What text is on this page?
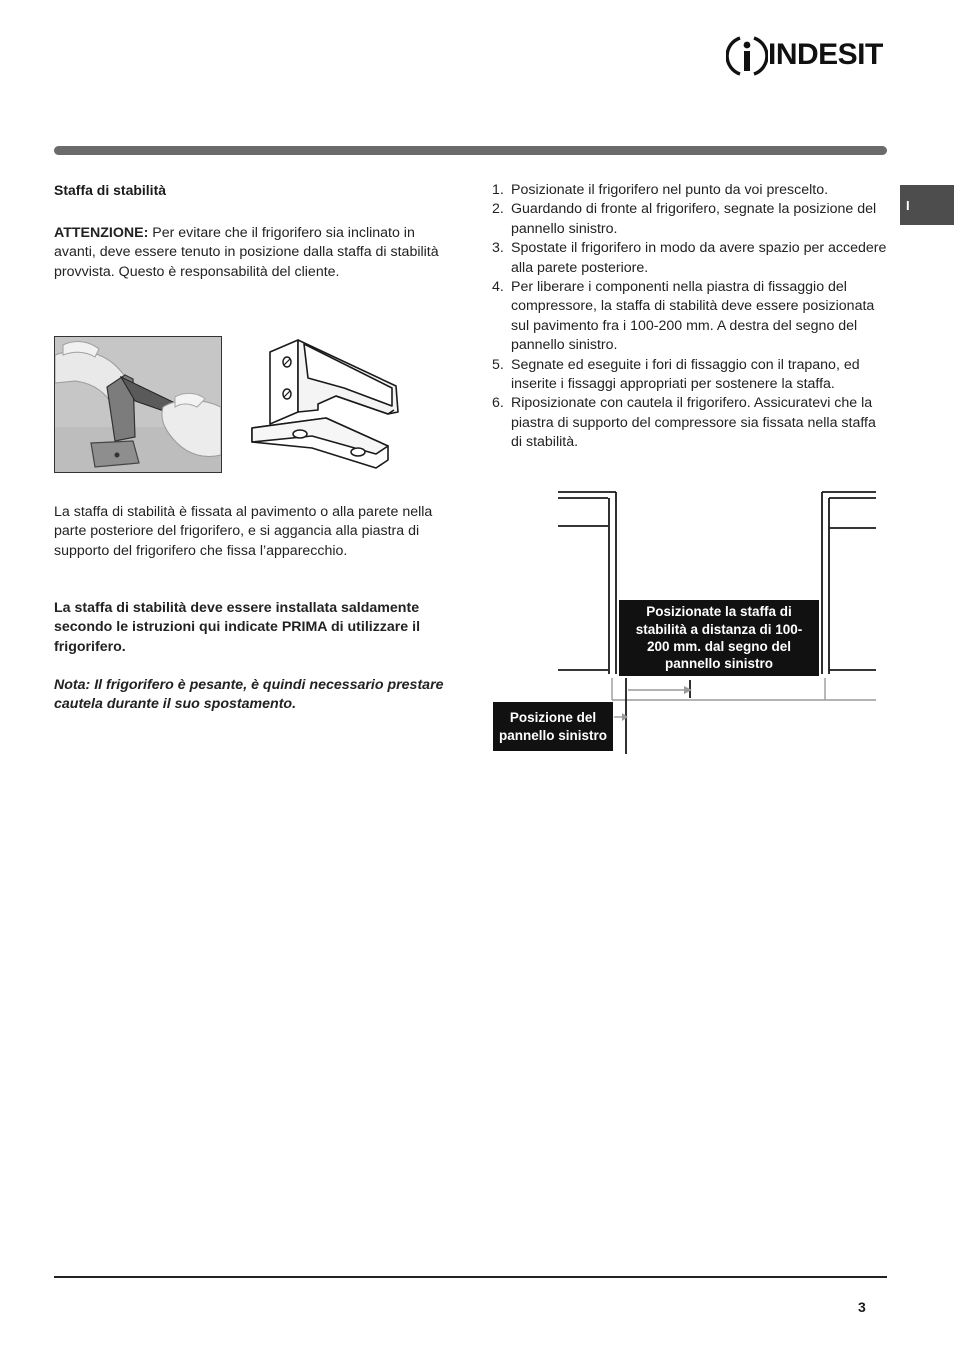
INDESIT
I
Staffa di stabilità
ATTENZIONE: Per evitare che il frigorifero sia inclinato in avanti, deve essere tenuto in posizione dalla staffa di stabilità provvista. Questo è responsabilità del cliente.
La staffa di stabilità è fissata al pavimento o alla parete nella parte posteriore del frigorifero, e si aggancia alla piastra di supporto del frigorifero che fissa l’apparecchio.
La staffa di stabilità deve essere installata saldamente secondo le istruzioni qui indicate PRIMA di utilizzare il frigorifero.
Nota: Il frigorifero è pesante, è quindi necessario prestare cautela durante il suo spostamento.
1. Posizionate il frigorifero nel punto da voi prescelto.
2. Guardando di fronte al frigorifero, segnate la posizione del pannello sinistro.
3. Spostate il frigorifero in modo da avere spazio per accedere alla parete posteriore.
4. Per liberare i componenti nella piastra di fissaggio del compressore, la staffa di stabilità deve essere posizionata sul pavimento fra i 100-200 mm. A destra del segno del pannello sinistro.
5. Segnate ed eseguite i fori di fissaggio con il trapano, ed inserite i fissaggi appropriati per sostenere la staffa.
6. Riposizionate con cautela il frigorifero. Assicuratevi che la piastra di supporto del compressore sia fissata nella staffa di stabilità.
Posizionate la staffa di stabilità a distanza di 100-200 mm. dal segno del pannello sinistro
Posizione del pannello sinistro
3
